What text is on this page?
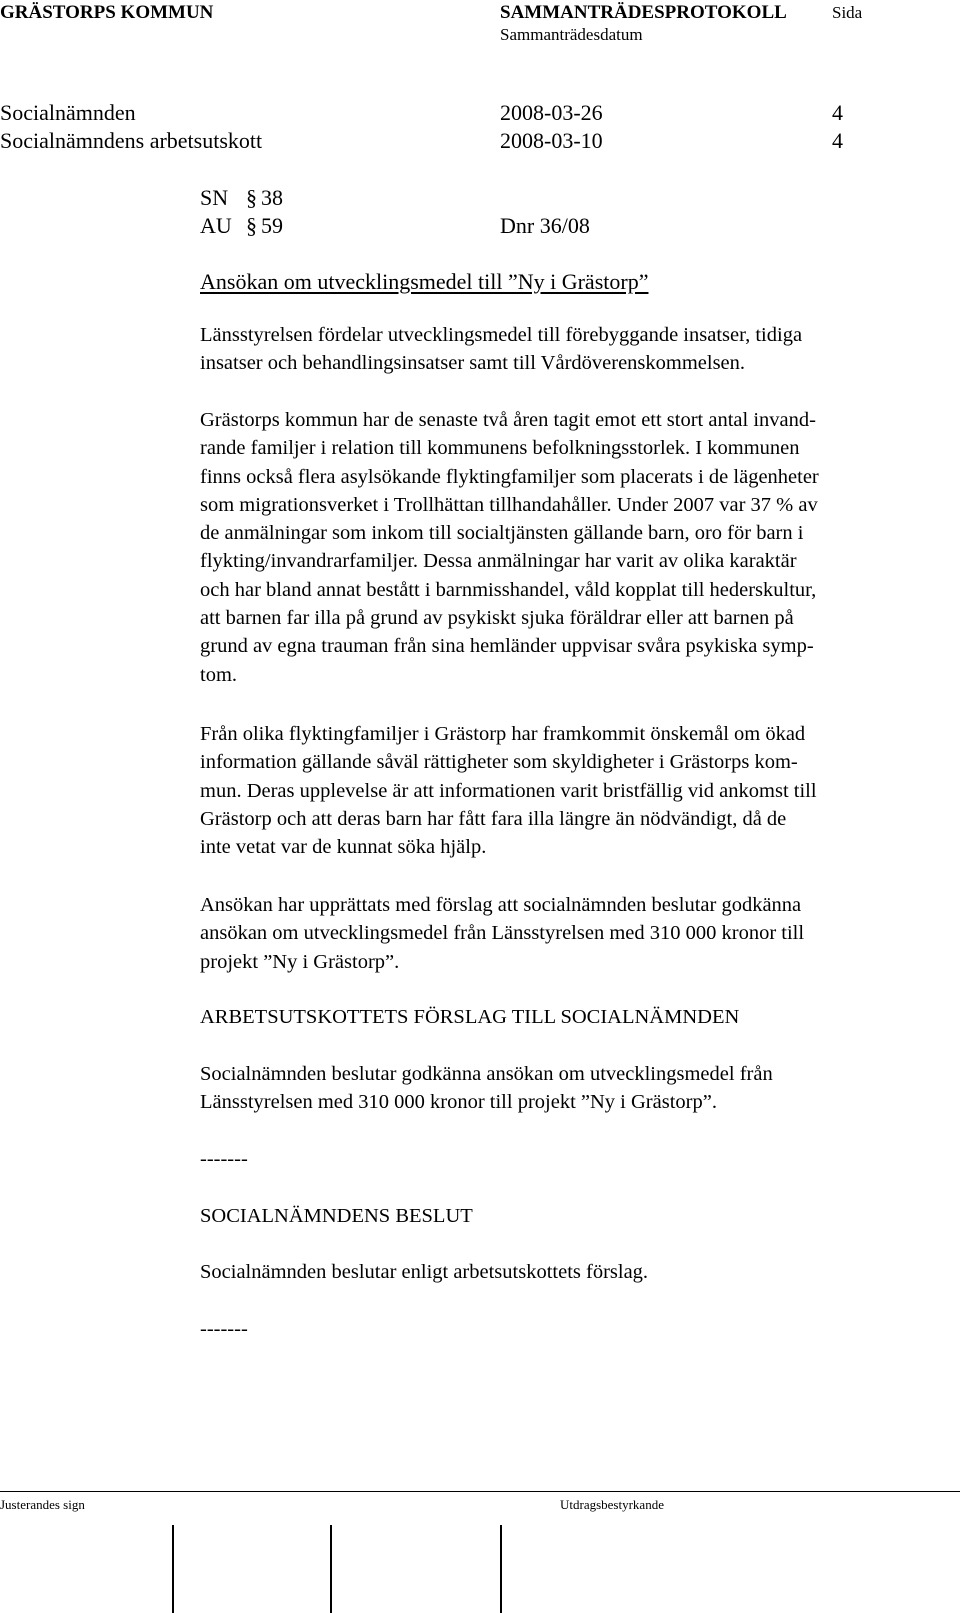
GRÄSTORPS KOMMUN	SAMMANTRÄDESPROTOKOLL	Sida
Sammanträdesdatum
Socialnämnden	2008-03-26	4
Socialnämndens arbetsutskott	2008-03-10	4
SN § 38
AU § 59	Dnr 36/08
Ansökan om utvecklingsmedel till ”Ny i Grästorp”

Länsstyrelsen fördelar utvecklingsmedel till förebyggande insatser, tidiga

insatser och behandlingsinsatser samt till Vårdöverenskommelsen.

Grästorps kommun har de senaste två åren tagit emot ett stort antal invand-

rande familjer i relation till kommunens befolkningsstorlek. I kommunen

finns också flera asylsökande flyktingfamiljer som placerats i de lägenheter

som migrationsverket i Trollhättan tillhandahåller. Under 2007 var 37 % av

de anmälningar som inkom till socialtjänsten gällande barn, oro för barn i

flykting/invandrarfamiljer. Dessa anmälningar har varit av olika karaktär

och har bland annat bestått i barnmisshandel, våld kopplat till hederskultur,

att barnen far illa på grund av psykiskt sjuka föräldrar eller att barnen på

grund av egna trauman från sina hemländer uppvisar svåra psykiska symp-

tom.

Från olika flyktingfamiljer i Grästorp har framkommit önskemål om ökad

information gällande såväl rättigheter som skyldigheter i Grästorps kom-

mun. Deras upplevelse är att informationen varit bristfällig vid ankomst till

Grästorp och att deras barn har fått fara illa längre än nödvändigt, då de

inte vetat var de kunnat söka hjälp.

Ansökan har upprättats med förslag att socialnämnden beslutar godkänna

ansökan om utvecklingsmedel från Länsstyrelsen med 310 000 kronor till

projekt ”Ny i Grästorp”.

ARBETSUTSKOTTETS FÖRSLAG TILL SOCIALNÄMNDEN

Socialnämnden beslutar godkänna ansökan om utvecklingsmedel från

Länsstyrelsen med 310 000 kronor till projekt ”Ny i Grästorp”.

-------
SOCIALNÄMNDENS BESLUT
Socialnämnden beslutar enligt arbetsutskottets förslag.
-------
Justerandes sign	Utdragsbestyrkande
